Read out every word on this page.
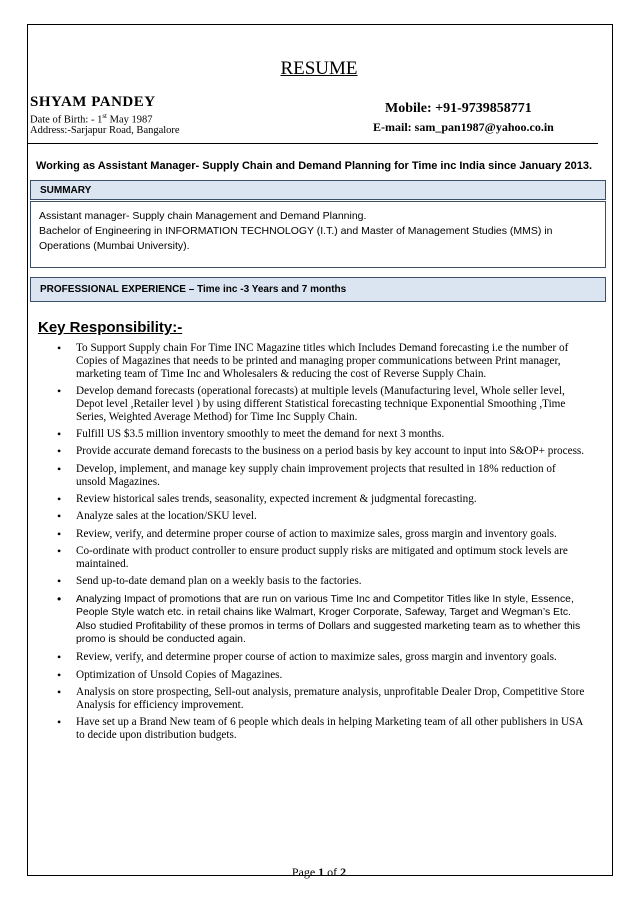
RESUME
SHYAM PANDEY
Date of Birth: - 1st May 1987
Address:-Sarjapur Road, Bangalore
Mobile: +91-9739858771
E-mail: sam_pan1987@yahoo.co.in
Working as Assistant Manager- Supply Chain and Demand Planning for Time inc India since January 2013.
SUMMARY
Assistant manager- Supply chain Management and Demand Planning.
Bachelor of Engineering in INFORMATION TECHNOLOGY (I.T.) and Master of Management Studies (MMS) in Operations (Mumbai University).
PROFESSIONAL EXPERIENCE – Time inc -3 Years and 7 months
Key Responsibility:-
• To Support Supply chain For Time INC Magazine titles which Includes Demand forecasting i.e the number of Copies of Magazines that needs to be printed and managing proper communications between Print manager, marketing team of Time Inc and Wholesalers & reducing the cost of Reverse Supply Chain.
• Develop demand forecasts (operational forecasts) at multiple levels (Manufacturing level, Whole seller level, Depot level ,Retailer level ) by using different Statistical forecasting technique Exponential Smoothing ,Time Series, Weighted Average Method) for Time Inc Supply Chain.
• Fulfill US $3.5 million inventory smoothly to meet the demand for next 3 months.
• Provide accurate demand forecasts to the business on a period basis by key account to input into S&OP+ process.
• Develop, implement, and manage key supply chain improvement projects that resulted in 18% reduction of unsold Magazines.
• Review historical sales trends, seasonality, expected increment & judgmental forecasting.
• Analyze sales at the location/SKU level.
• Review, verify, and determine proper course of action to maximize sales, gross margin and inventory goals.
• Co-ordinate with product controller to ensure product supply risks are mitigated and optimum stock levels are maintained.
• Send up-to-date demand plan on a weekly basis to the factories.
• Analyzing Impact of promotions that are run on various Time Inc and Competitor Titles like In style, Essence, People Style watch etc. in retail chains like Walmart, Kroger Corporate, Safeway, Target and Wegman’s Etc. Also studied Profitability of these promos in terms of Dollars and suggested marketing team as to whether this promo is should be conducted again.
• Review, verify, and determine proper course of action to maximize sales, gross margin and inventory goals.
• Optimization of Unsold Copies of Magazines.
• Analysis on store prospecting, Sell-out analysis, premature analysis, unprofitable Dealer Drop, Competitive Store Analysis for efficiency improvement.
• Have set up a Brand New team of 6 people which deals in helping Marketing team of all other publishers in USA to decide upon distribution budgets.
Page 1 of 2
